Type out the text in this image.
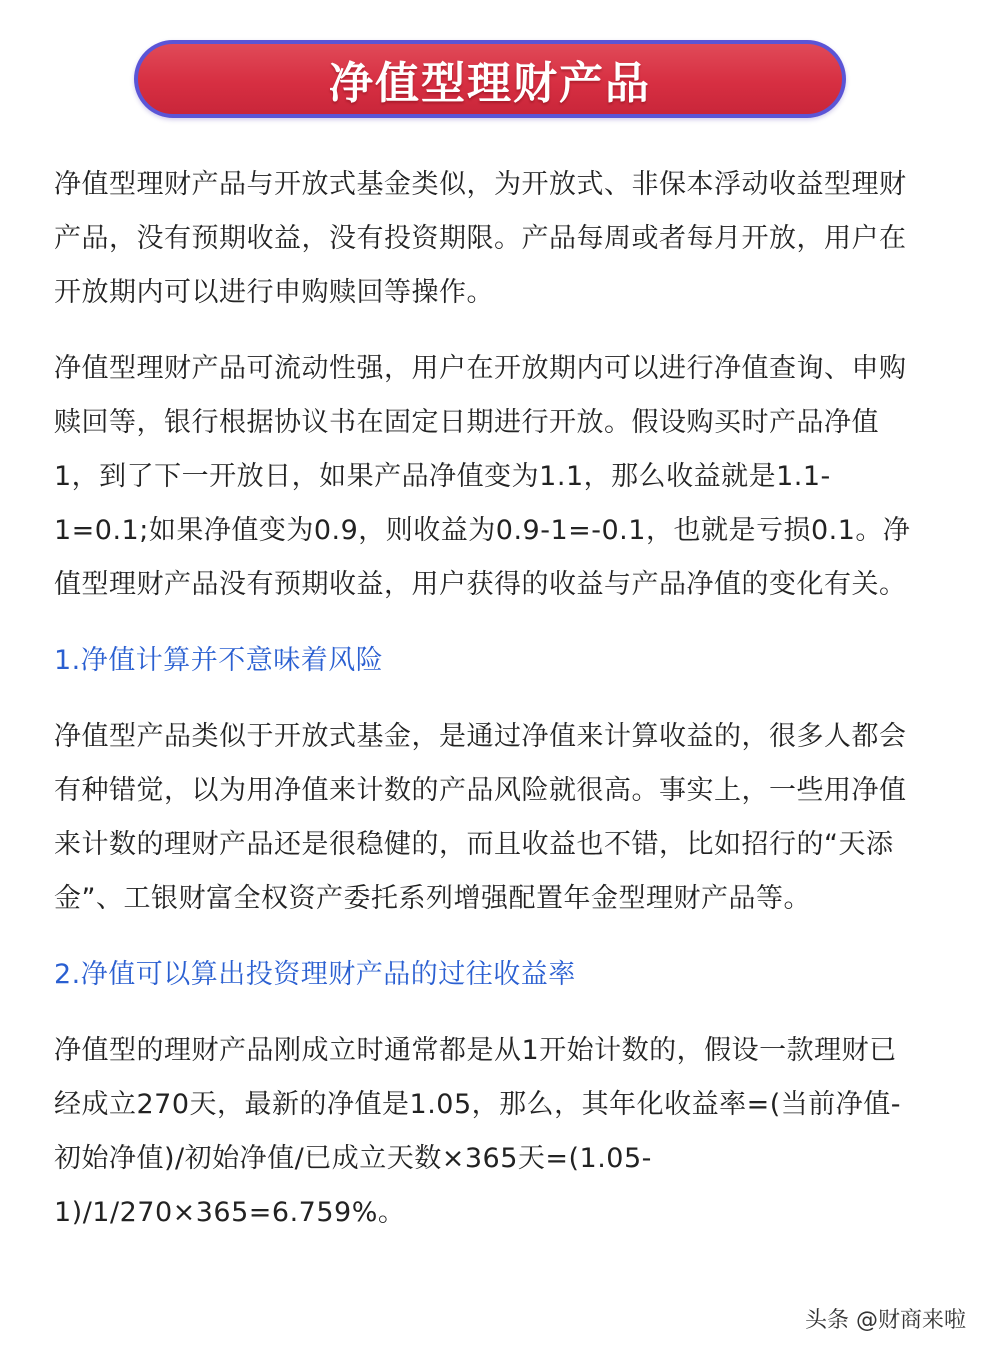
净值型理财产品

净值型理财产品与开放式基金类似，为开放式、非保本浮动收益型理财产品，没有预期收益，没有投资期限。产品每周或者每月开放，用户在开放期内可以进行申购赎回等操作。

净值型理财产品可流动性强，用户在开放期内可以进行净值查询、申购赎回等，银行根据协议书在固定日期进行开放。假设购买时产品净值1，到了下一开放日，如果产品净值变为1.1，那么收益就是1.1-1=0.1;如果净值变为0.9，则收益为0.9-1=-0.1，也就是亏损0.1。净值型理财产品没有预期收益，用户获得的收益与产品净值的变化有关。

1.净值计算并不意味着风险

净值型产品类似于开放式基金，是通过净值来计算收益的，很多人都会有种错觉，以为用净值来计数的产品风险就很高。事实上，一些用净值来计数的理财产品还是很稳健的，而且收益也不错，比如招行的“天添金”、工银财富全权资产委托系列增强配置年金型理财产品等。

2.净值可以算出投资理财产品的过往收益率

净值型的理财产品刚成立时通常都是从1开始计数的，假设一款理财已经成立270天，最新的净值是1.05，那么，其年化收益率=(当前净值-初始净值)/初始净值/已成立天数×365天=(1.05-1)/1/270×365=6.759%。

头条 @财商来啦
